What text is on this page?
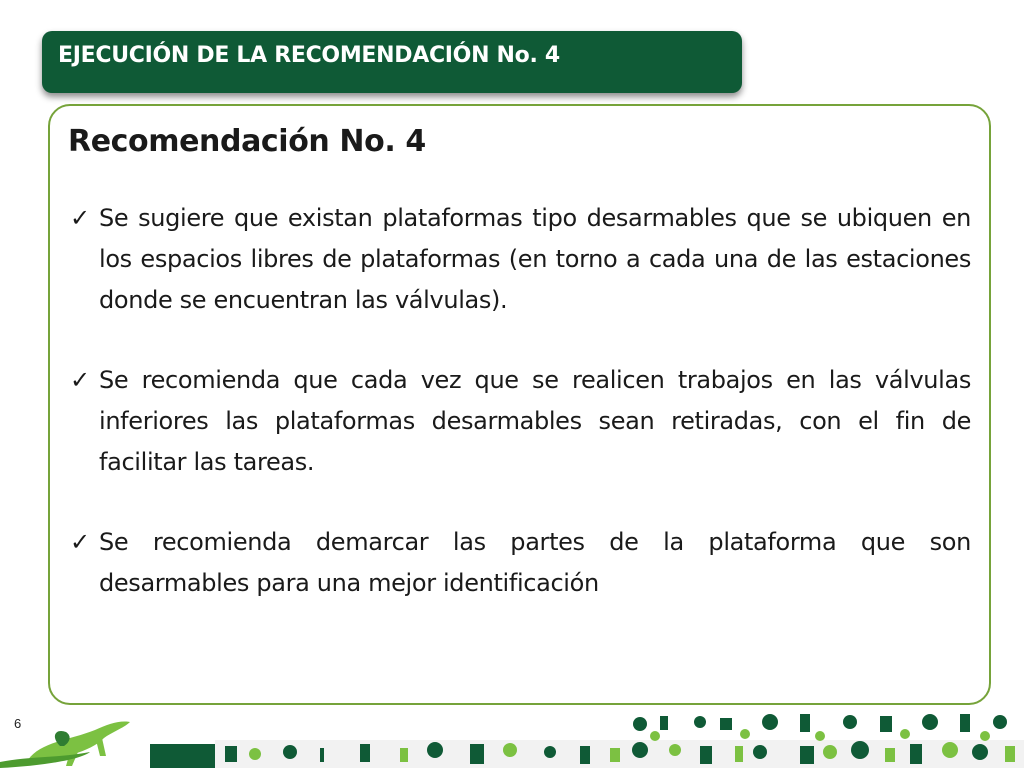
EJECUCIÓN DE LA RECOMENDACIÓN No. 4
Recomendación No. 4
✓ Se sugiere que existan plataformas tipo desarmables que se ubiquen en los espacios libres de plataformas (en torno a cada una de las estaciones donde se encuentran las válvulas).
✓ Se recomienda que cada vez que se realicen trabajos en las válvulas inferiores las plataformas desarmables sean retiradas, con el fin de facilitar las tareas.
✓ Se recomienda demarcar las partes de la plataforma que son desarmables para una mejor identificación
6
